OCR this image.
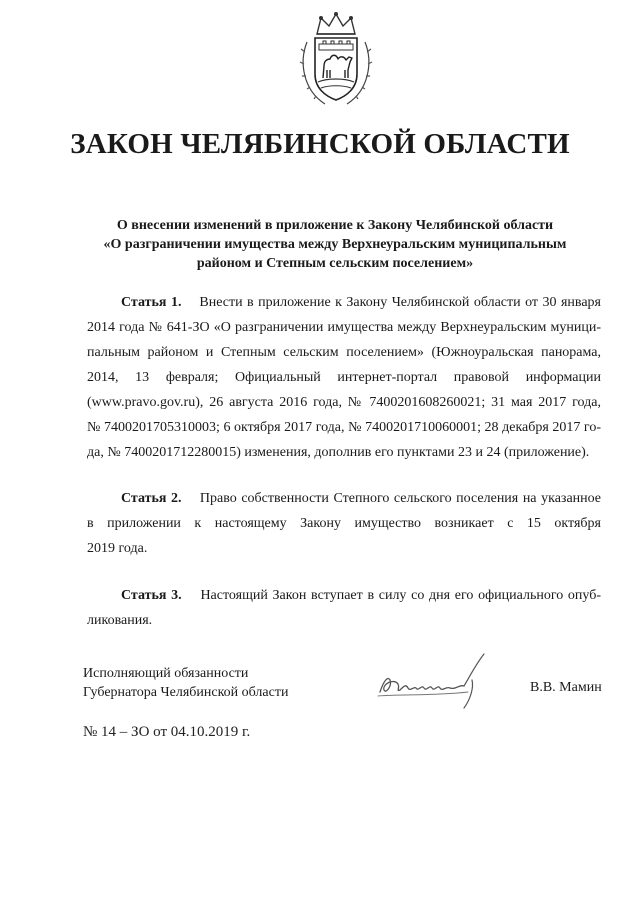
ЗАКОН ЧЕЛЯБИНСКОЙ ОБЛАСТИ
О внесении изменений в приложение к Закону Челябинской области
«О разграничении имущества между Верхнеуральским муниципальным
районом и Степным сельским поселением»
Статья 1. Внести в приложение к Закону Челябинской области от 30 января
2014 года № 641-ЗО «О разграничении имущества между Верхнеуральским муници-
пальным районом и Степным сельским поселением» (Южноуральская панорама,
2014, 13 февраля; Официальный интернет-портал правовой информации
(www.pravo.gov.ru), 26 августа 2016 года, № 7400201608260021; 31 мая 2017 года,
№ 7400201705310003; 6 октября 2017 года, № 7400201710060001; 28 декабря 2017 го-
да, № 7400201712280015) изменения, дополнив его пунктами 23 и 24 (приложение).
Статья 2. Право собственности Степного сельского поселения на указанное
в приложении к настоящему Закону имущество возникает с 15 октября
2019 года.
Статья 3. Настоящий Закон вступает в силу со дня его официального опуб-
ликования.
Исполняющий обязанности
Губернатора Челябинской области	В.В. Мамин
№ 14 – ЗО от 04.10.2019 г.
